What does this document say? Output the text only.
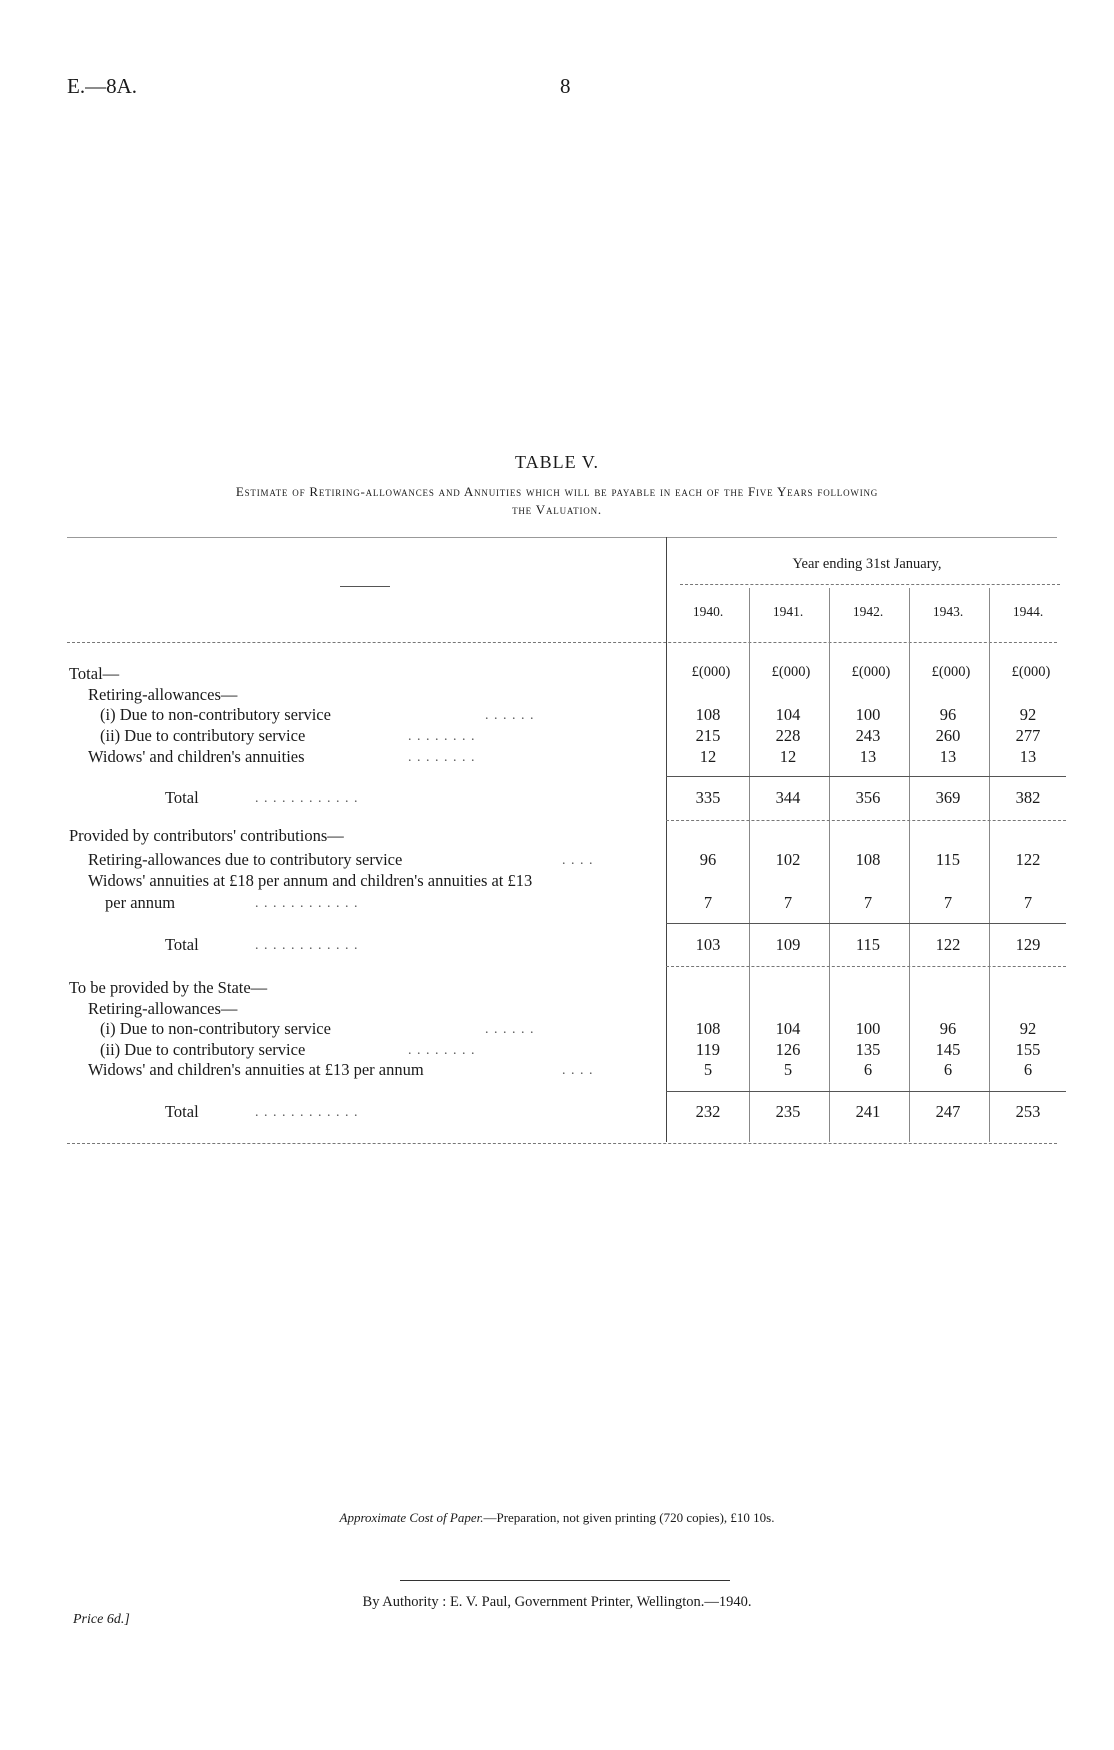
E.—8A.	8
TABLE V.
Estimate of Retiring-allowances and Annuities which will be payable in each of the Five Years following
the Valuation.
Year ending 31st January,
1940.	1941.	1942.	1943.	1944.
Total—	£(000)	£(000)	£(000)	£(000)	£(000)
Retiring-allowances—
(i) Due to non-contributory service	. . . . . .	108	104	100	96	92
(ii) Due to contributory service	. . . . . . . .	215	228	243	260	277
Widows' and children's annuities	. . . . . . . .	12	12	13	13	13
Total	. . . . . . . . . . . .	335	344	356	369	382
Provided by contributors' contributions—
Retiring-allowances due to contributory service	. . . .	96	102	108	115	122
Widows' annuities at £18 per annum and children's annuities at £13
per annum	. . . . . . . . . . . .	7	7	7	7	7
Total	. . . . . . . . . . . .	103	109	115	122	129
To be provided by the State—
Retiring-allowances—
(i) Due to non-contributory service	. . . . . .	108	104	100	96	92
(ii) Due to contributory service	. . . . . . . .	119	126	135	145	155
Widows' and children's annuities at £13 per annum	. . . .	5	5	6	6	6
Total	. . . . . . . . . . . .	232	235	241	247	253
Approximate Cost of Paper.—Preparation, not given printing (720 copies), £10 10s.
By Authority : E. V. Paul, Government Printer, Wellington.—1940.
Price 6d.]
